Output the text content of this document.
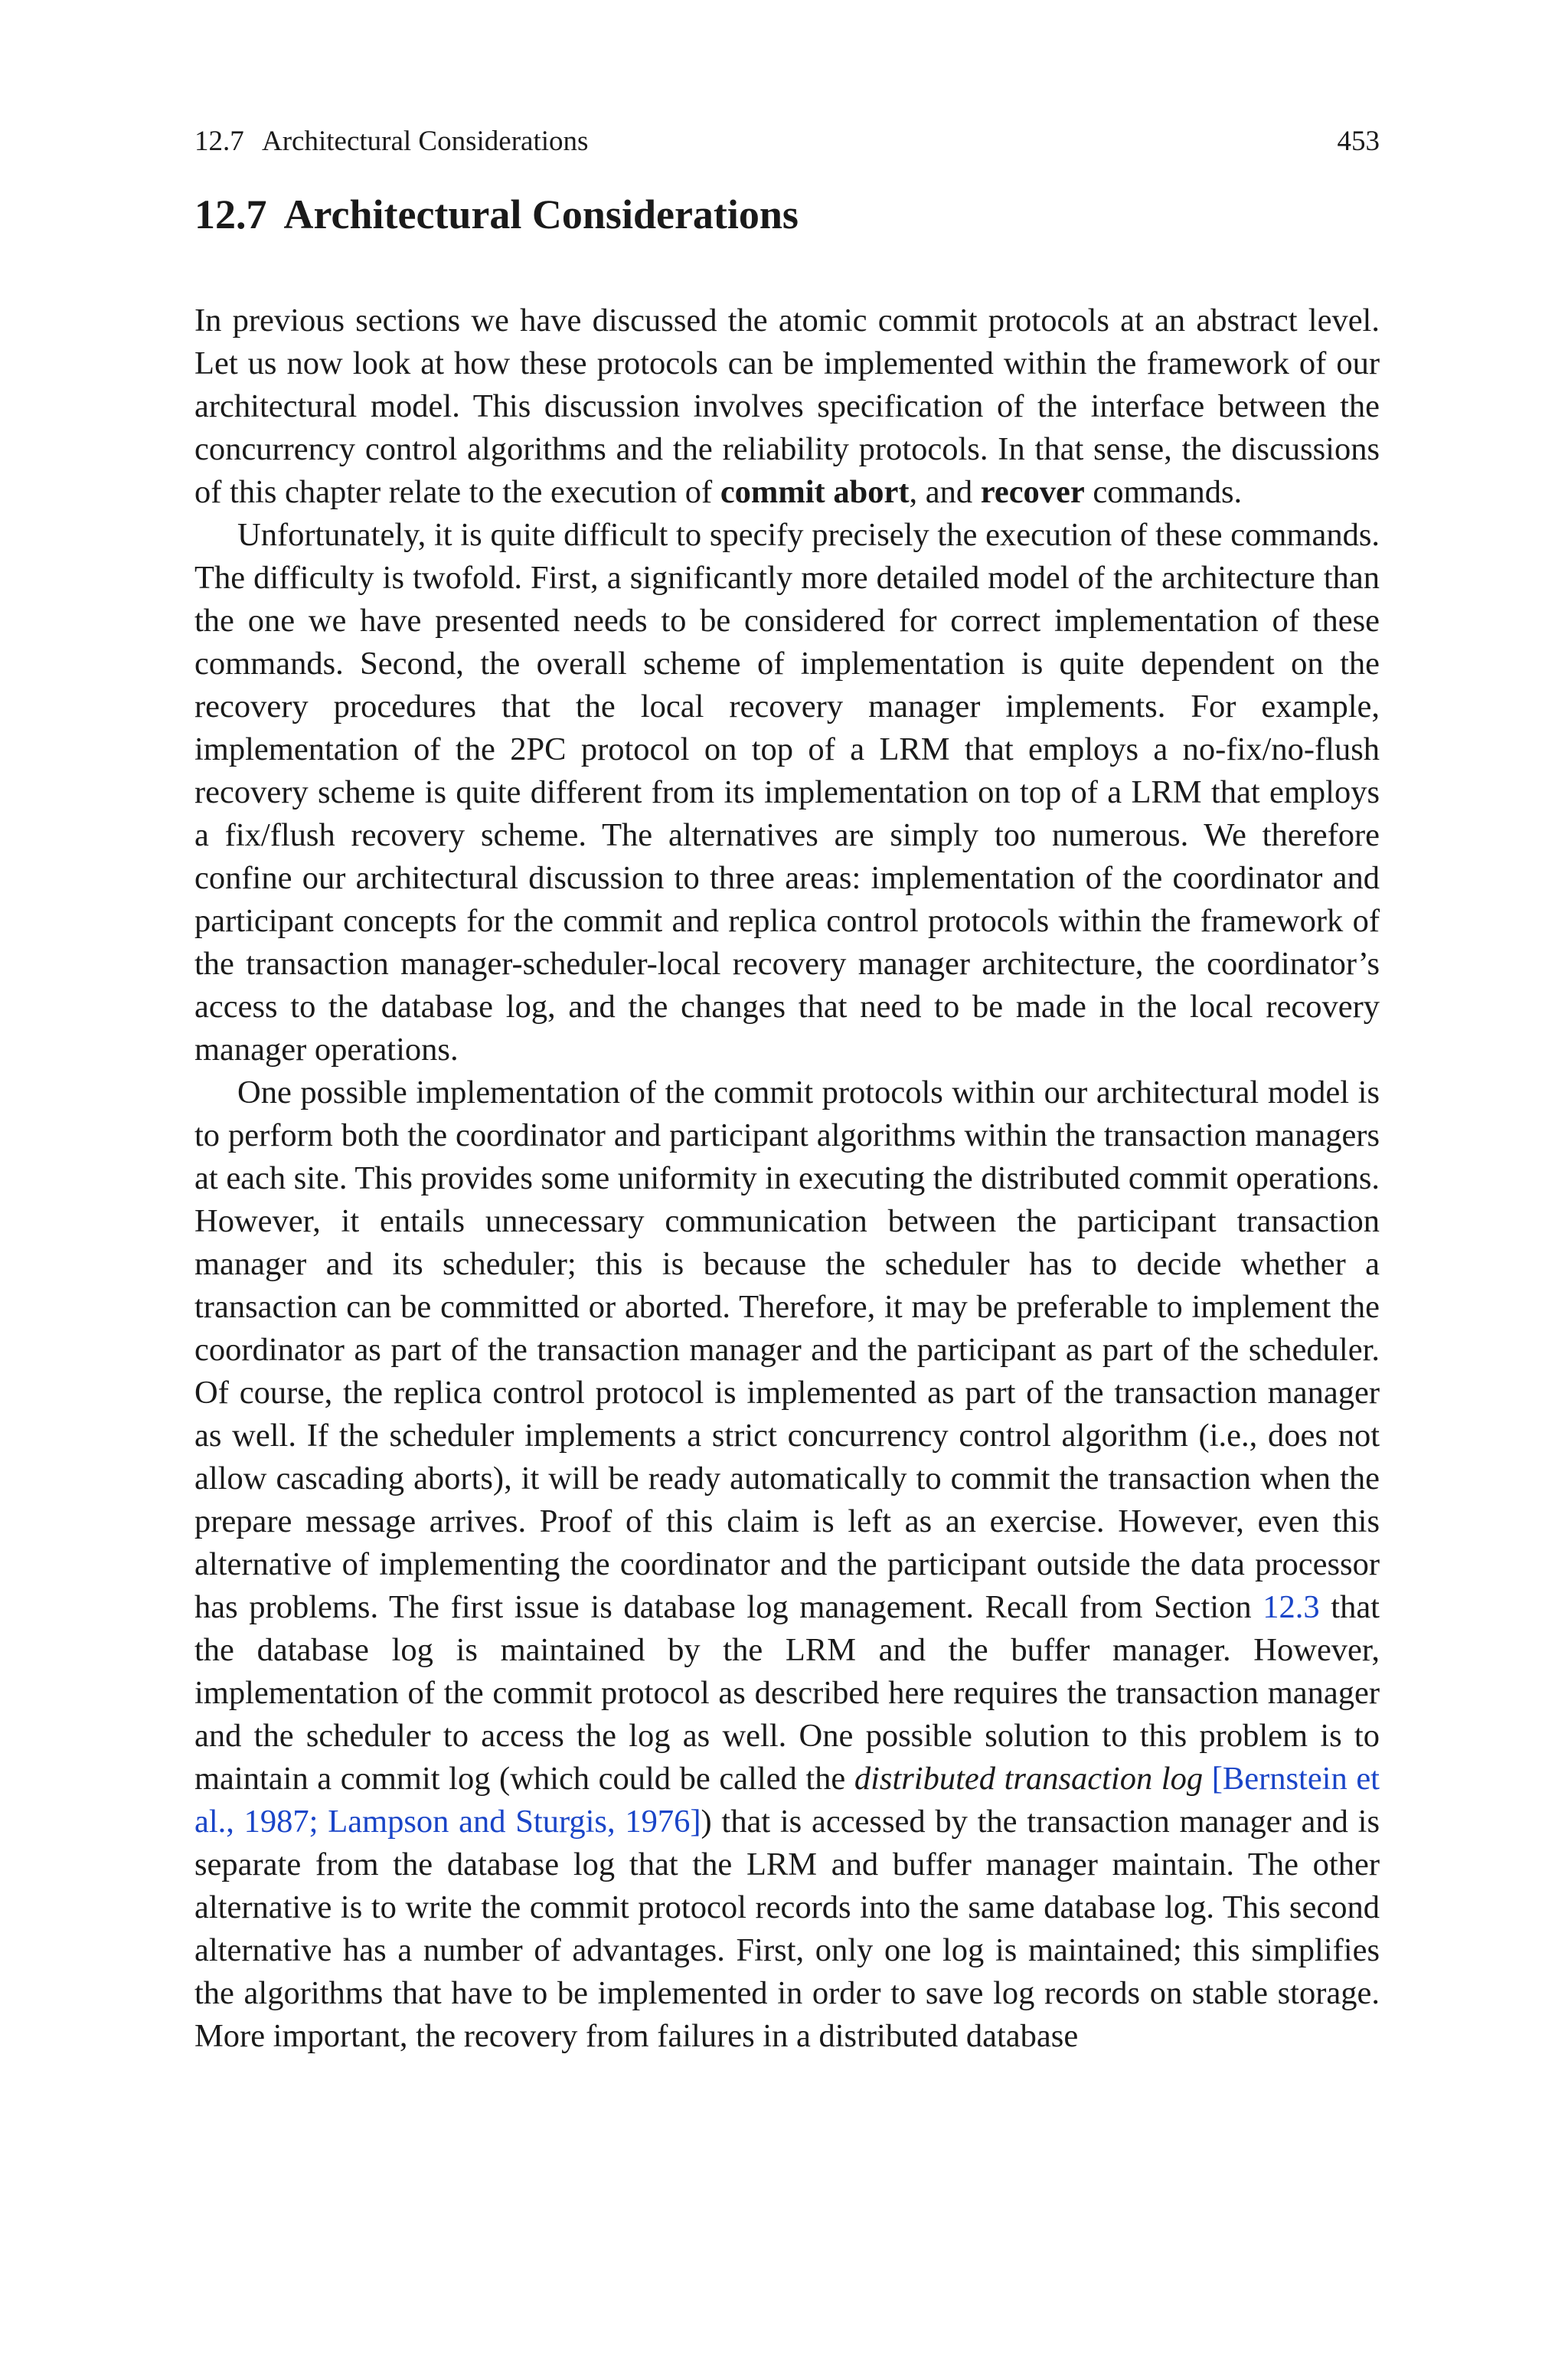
12.7 Architectural Considerations	453
12.7 Architectural Considerations

In previous sections we have discussed the atomic commit protocols at an abstract level. Let us now look at how these protocols can be implemented within the framework of our architectural model. This discussion involves specification of the interface between the concurrency control algorithms and the reliability protocols. In that sense, the discussions of this chapter relate to the execution of commit abort, and recover commands.

Unfortunately, it is quite difficult to specify precisely the execution of these commands. The difficulty is twofold. First, a significantly more detailed model of the architecture than the one we have presented needs to be considered for correct implementation of these commands. Second, the overall scheme of implementation is quite dependent on the recovery procedures that the local recovery manager implements. For example, implementation of the 2PC protocol on top of a LRM that employs a no-fix/no-flush recovery scheme is quite different from its implementation on top of a LRM that employs a fix/flush recovery scheme. The alternatives are simply too numerous. We therefore confine our architectural discussion to three areas: implementation of the coordinator and participant concepts for the commit and replica control protocols within the framework of the transaction manager-scheduler-local recovery manager architecture, the coordinator’s access to the database log, and the changes that need to be made in the local recovery manager operations.

One possible implementation of the commit protocols within our architectural model is to perform both the coordinator and participant algorithms within the transaction managers at each site. This provides some uniformity in executing the distributed commit operations. However, it entails unnecessary communication between the participant transaction manager and its scheduler; this is because the scheduler has to decide whether a transaction can be committed or aborted. Therefore, it may be preferable to implement the coordinator as part of the transaction manager and the participant as part of the scheduler. Of course, the replica control protocol is implemented as part of the transaction manager as well. If the scheduler implements a strict concurrency control algorithm (i.e., does not allow cascading aborts), it will be ready automatically to commit the transaction when the prepare message arrives. Proof of this claim is left as an exercise. However, even this alternative of implementing the coordinator and the participant outside the data processor has problems. The first issue is database log management. Recall from Section 12.3 that the database log is maintained by the LRM and the buffer manager. However, implementation of the commit protocol as described here requires the transaction manager and the scheduler to access the log as well. One possible solution to this problem is to maintain a commit log (which could be called the distributed transaction log [Bernstein et al., 1987; Lampson and Sturgis, 1976]) that is accessed by the transaction manager and is separate from the database log that the LRM and buffer manager maintain. The other alternative is to write the commit protocol records into the same database log. This second alternative has a number of advantages. First, only one log is maintained; this simplifies the algorithms that have to be implemented in order to save log records on stable storage. More important, the recovery from failures in a distributed database
